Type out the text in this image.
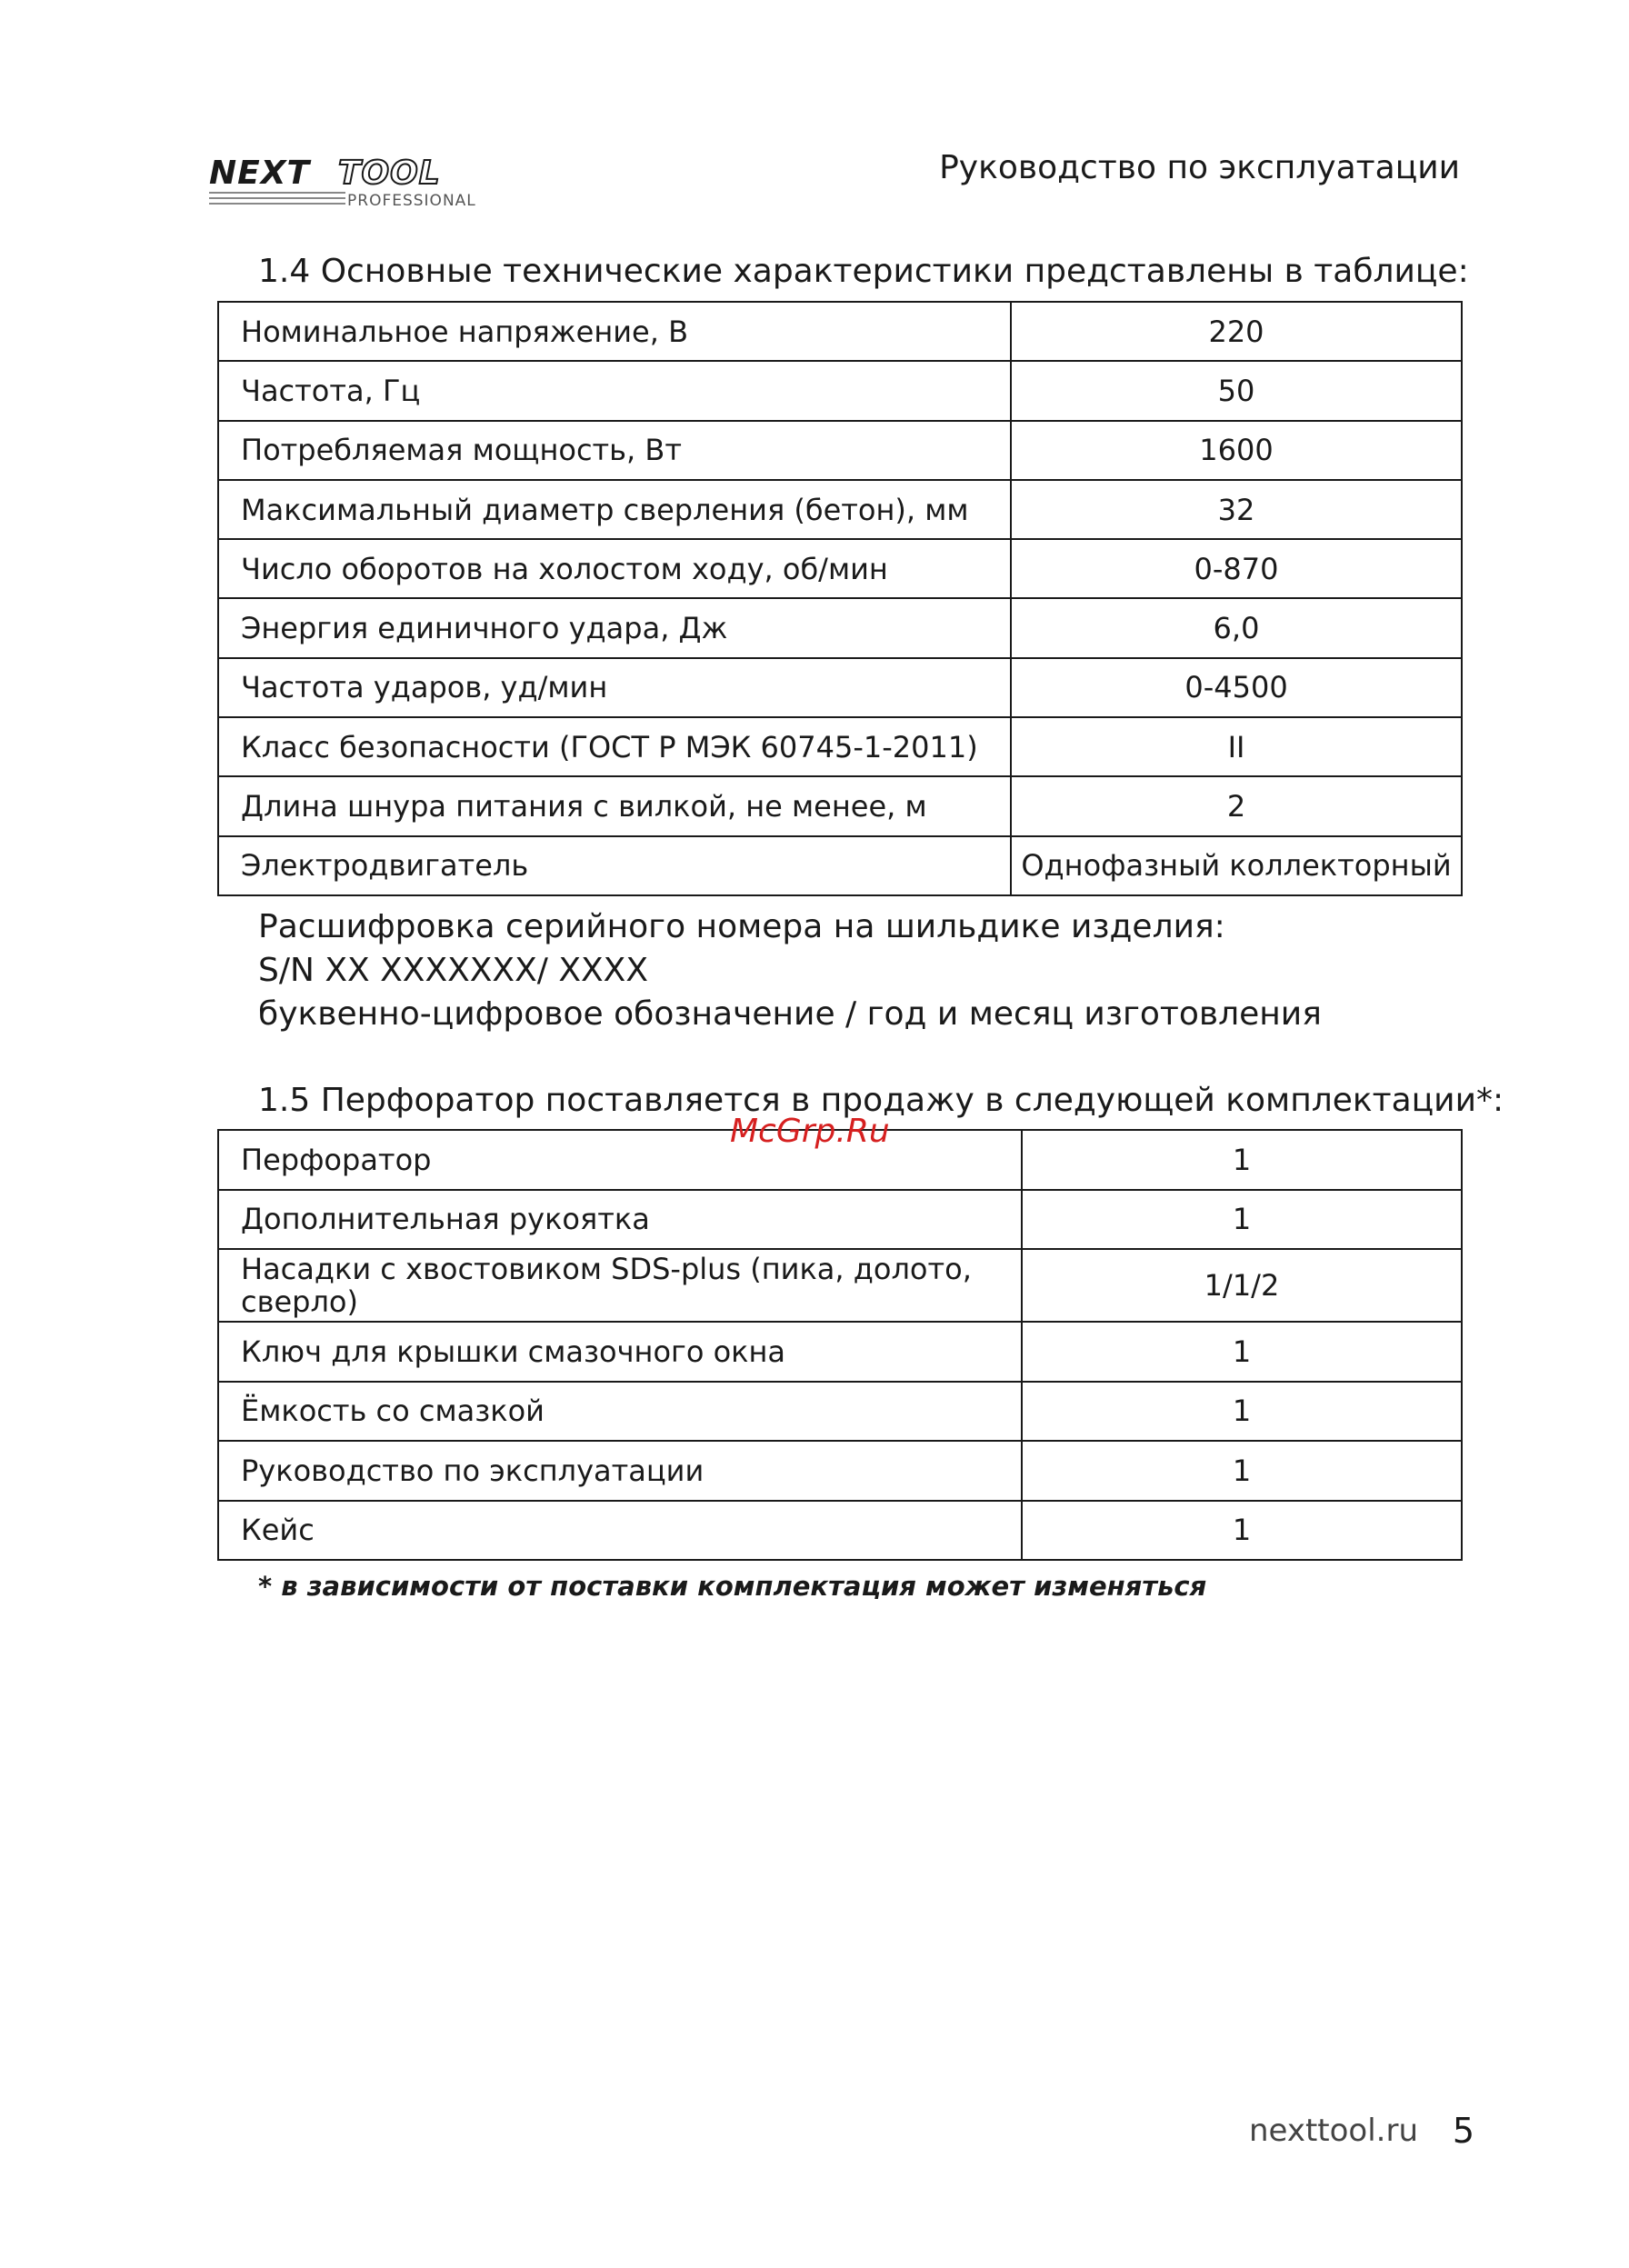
NEXT TOOL
PROFESSIONAL
Руководство по эксплуатации
1.4 Основные технические характеристики представлены в таблице:
Номинальное напряжение, В	220
Частота, Гц	50
Потребляемая мощность, Вт	1600
Максимальный диаметр сверления (бетон), мм	32
Число оборотов на холостом ходу, об/мин	0-870
Энергия единичного удара, Дж	6,0
Частота ударов, уд/мин	0-4500
Класс безопасности (ГОСТ Р МЭК 60745-1-2011)	II
Длина шнура питания с вилкой, не менее, м	2
Электродвигатель	Однофазный коллекторный
Расшифровка серийного номера на шильдике изделия:
S/N XX XXXXXXX/ XXXX
буквенно-цифровое обозначение / год и месяц изготовления
1.5 Перфоратор поставляется в продажу в следующей комплектации*:
Перфоратор	1
Дополнительная рукоятка	1
Насадки с хвостовиком SDS-plus (пика, долото, сверло)	1/1/2
Ключ для крышки смазочного окна	1
Ёмкость со смазкой	1
Руководство по эксплуатации	1
Кейс	1
McGrp.Ru
* в зависимости от поставки комплектация может изменяться
nexttool.ru 5
